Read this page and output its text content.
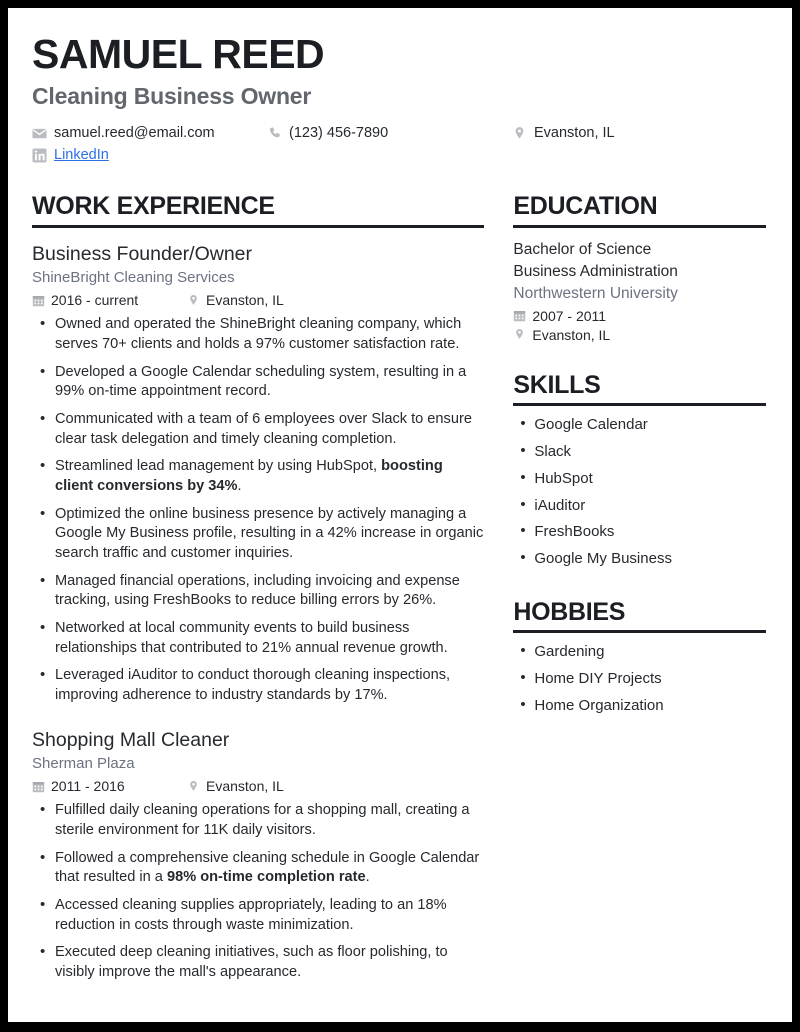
SAMUEL REED
Cleaning Business Owner
samuel.reed@email.com	(123) 456-7890	Evanston, IL
LinkedIn
WORK EXPERIENCE
Business Founder/Owner
ShineBright Cleaning Services
2016 - current	Evanston, IL
• Owned and operated the ShineBright cleaning company, which serves 70+ clients and holds a 97% customer satisfaction rate.
• Developed a Google Calendar scheduling system, resulting in a 99% on-time appointment record.
• Communicated with a team of 6 employees over Slack to ensure clear task delegation and timely cleaning completion.
• Streamlined lead management by using HubSpot, boosting client conversions by 34%.
• Optimized the online business presence by actively managing a Google My Business profile, resulting in a 42% increase in organic search traffic and customer inquiries.
• Managed financial operations, including invoicing and expense tracking, using FreshBooks to reduce billing errors by 26%.
• Networked at local community events to build business relationships that contributed to 21% annual revenue growth.
• Leveraged iAuditor to conduct thorough cleaning inspections, improving adherence to industry standards by 17%.
Shopping Mall Cleaner
Sherman Plaza
2011 - 2016	Evanston, IL
• Fulfilled daily cleaning operations for a shopping mall, creating a sterile environment for 11K daily visitors.
• Followed a comprehensive cleaning schedule in Google Calendar that resulted in a 98% on-time completion rate.
• Accessed cleaning supplies appropriately, leading to an 18% reduction in costs through waste minimization.
• Executed deep cleaning initiatives, such as floor polishing, to visibly improve the mall's appearance.
EDUCATION
Bachelor of Science
Business Administration
Northwestern University
2007 - 2011
Evanston, IL
SKILLS
• Google Calendar
• Slack
• HubSpot
• iAuditor
• FreshBooks
• Google My Business
HOBBIES
• Gardening
• Home DIY Projects
• Home Organization
